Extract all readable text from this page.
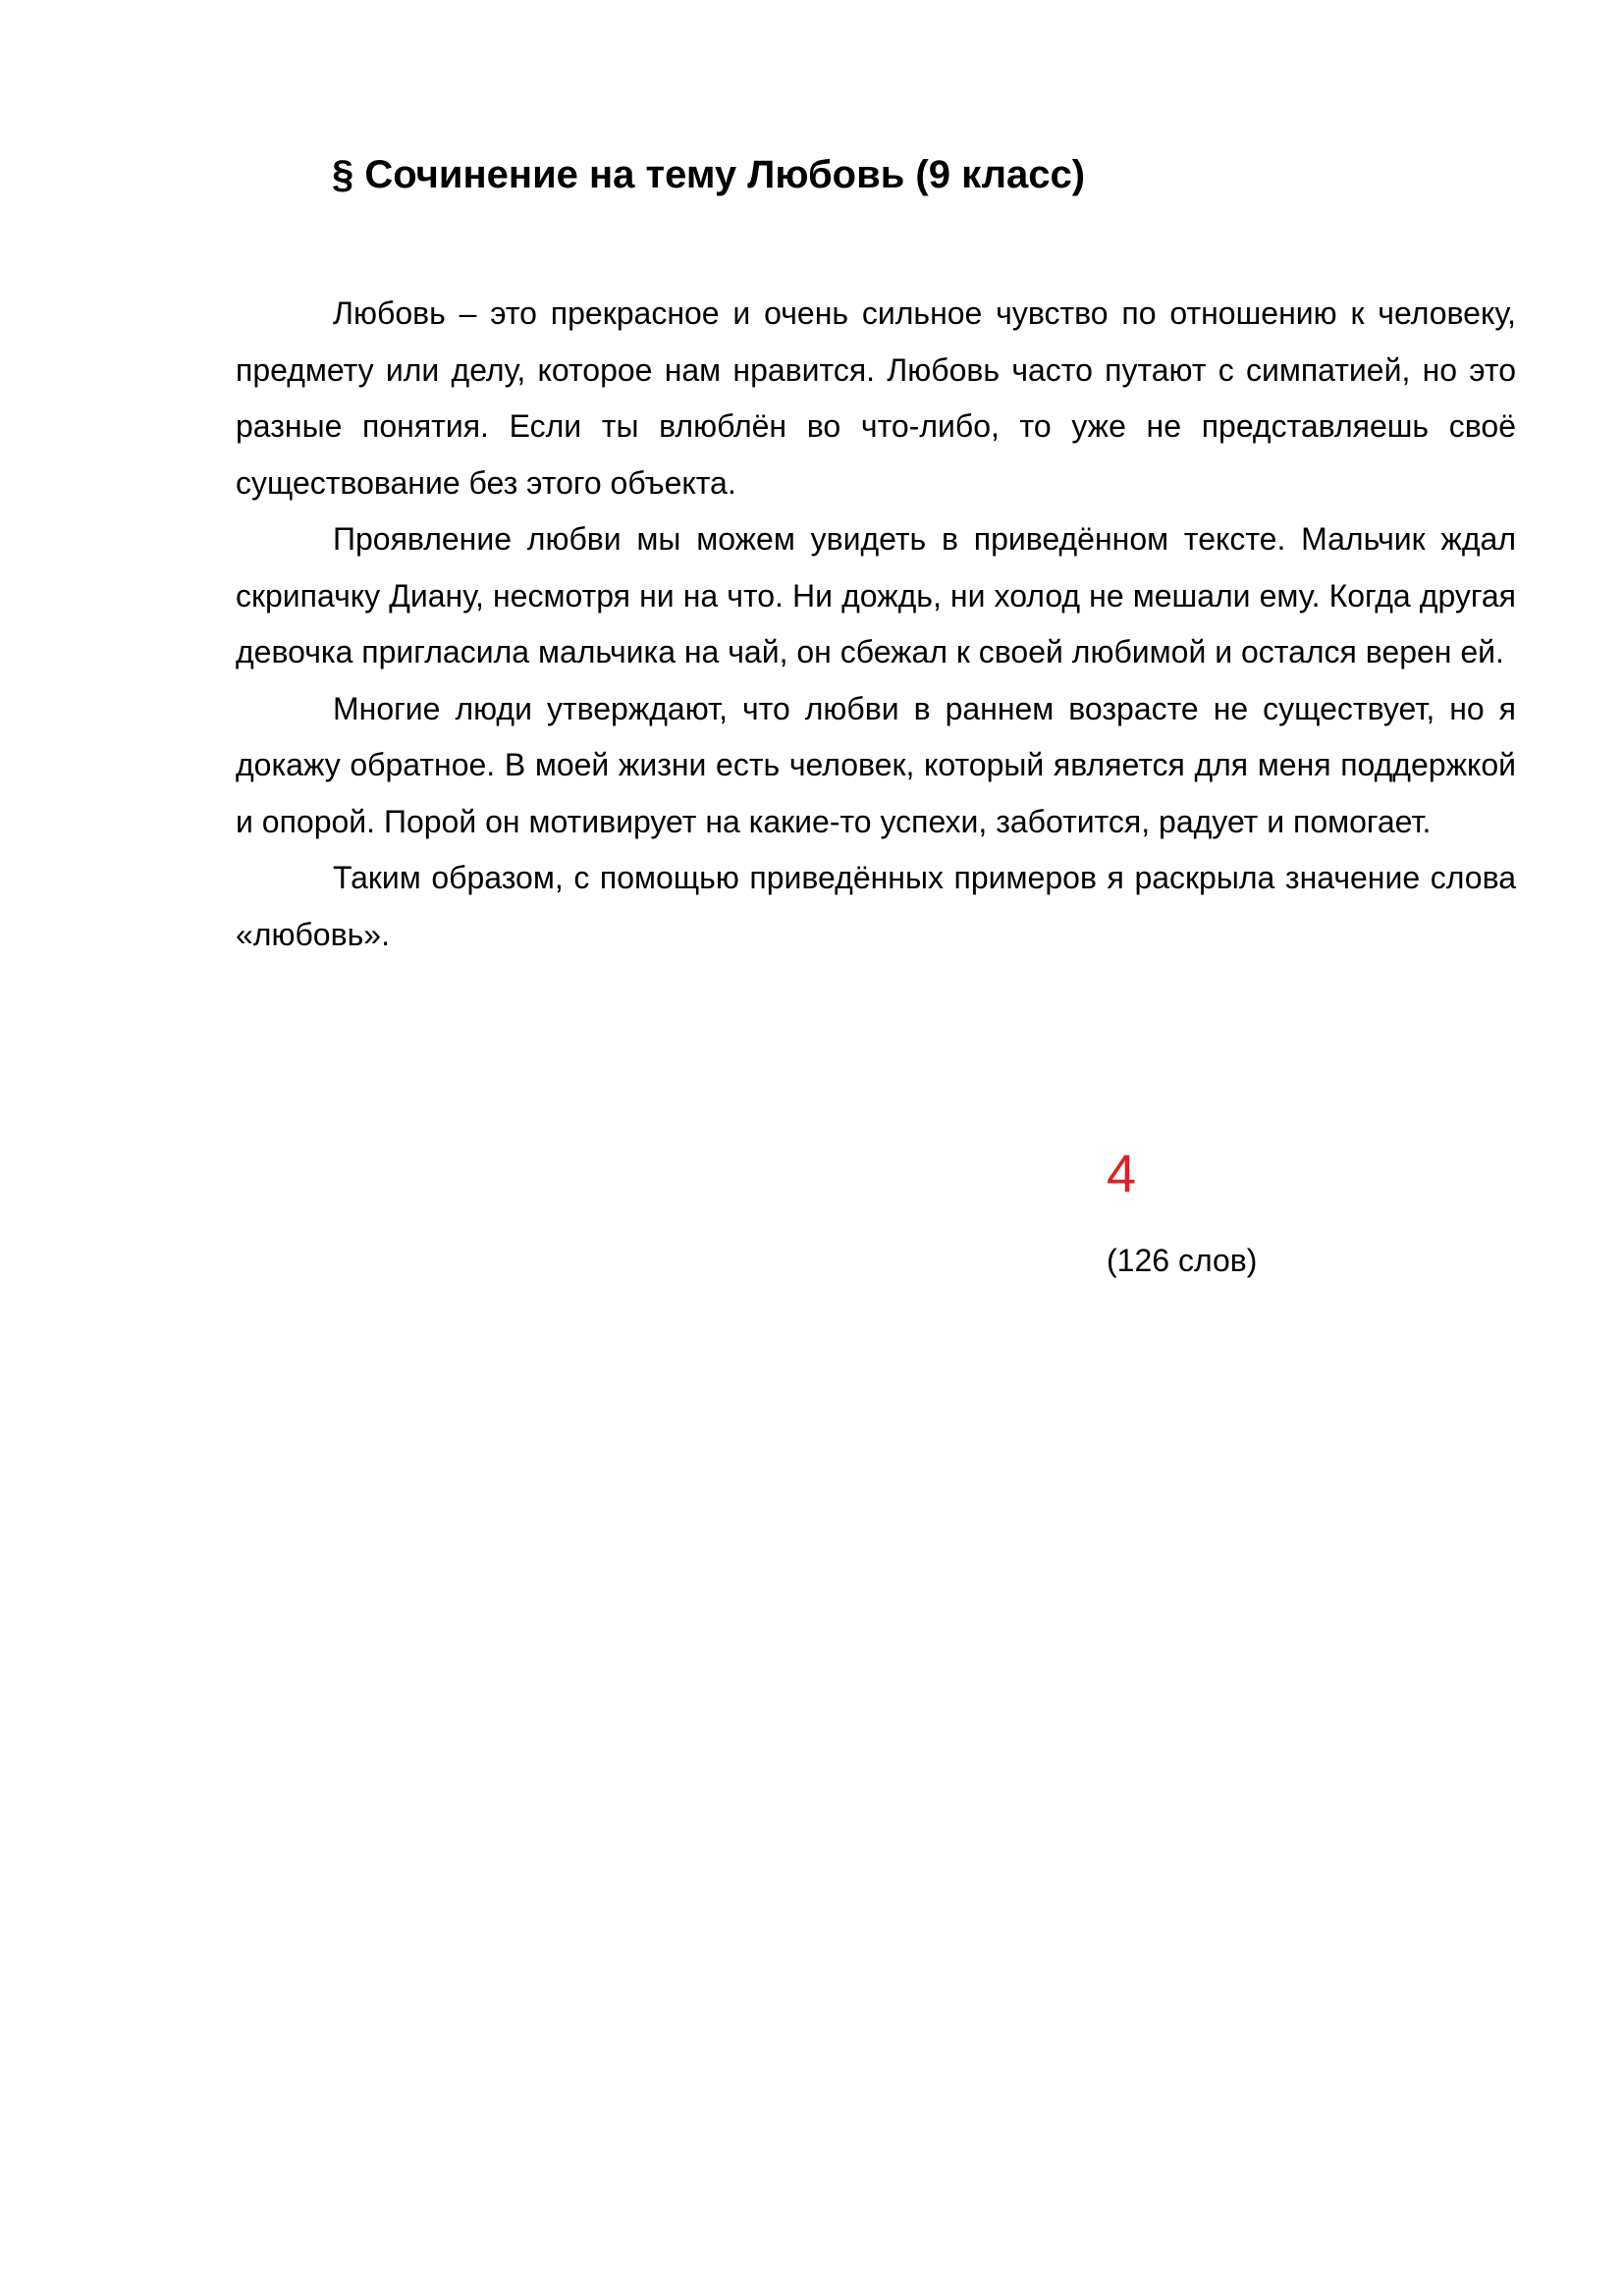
§ Сочинение на тему Любовь (9 класс)

Любовь – это прекрасное и очень сильное чувство по отношению к человеку, предмету или делу, которое нам нравится. Любовь часто путают с симпатией, но это разные понятия. Если ты влюблён во что-либо, то уже не представляешь своё существование без этого объекта.

Проявление любви мы можем увидеть в приведённом тексте. Мальчик ждал скрипачку Диану, несмотря ни на что. Ни дождь, ни холод не мешали ему. Когда другая девочка пригласила мальчика на чай, он сбежал к своей любимой и остался верен ей.

Многие люди утверждают, что любви в раннем возрасте не существует, но я докажу обратное. В моей жизни есть человек, который является для меня поддержкой и опорой. Порой он мотивирует на какие-то успехи, заботится, радует и помогает.

Таким образом, с помощью приведённых примеров я раскрыла значение слова «любовь».

4
(126 слов)
